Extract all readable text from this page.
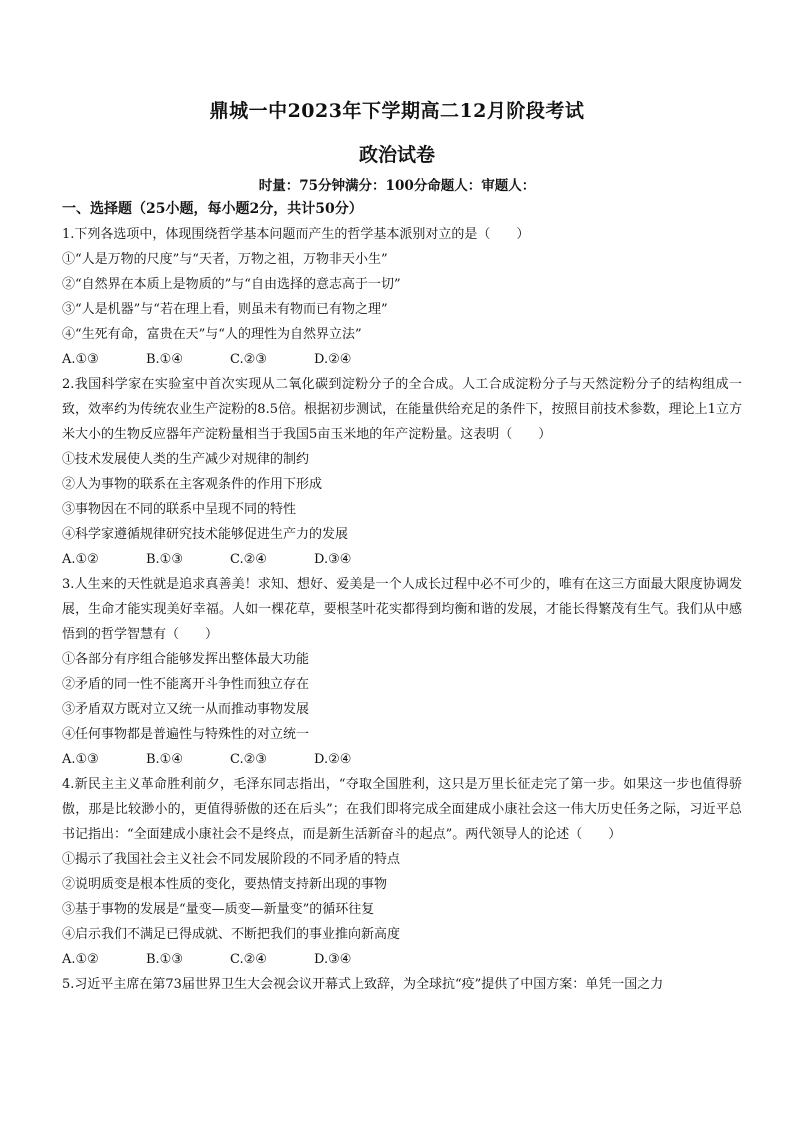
鼎城一中2023年下学期高二12月阶段考试
政治试卷
时量：75分钟满分：100分命题人：审题人：
一、选择题（25小题，每小题2分，共计50分）
1.下列各选项中，体现围绕哲学基本问题而产生的哲学基本派别对立的是（　　）
①“人是万物的尺度”与“天者，万物之祖，万物非天小生”
②“自然界在本质上是物质的”与“自由选择的意志高于一切”
③“人是机器”与“若在理上看，则虽未有物而已有物之理”
④“生死有命，富贵在天”与“人的理性为自然界立法”
A.①③	B.①④	C.②③	D.②④
2.我国科学家在实验室中首次实现从二氧化碳到淀粉分子的全合成。人工合成淀粉分子与天然淀粉分子的结构组成一致，效率约为传统农业生产淀粉的8.5倍。根据初步测试，在能量供给充足的条件下，按照目前技术参数，理论上1立方米大小的生物反应器年产淀粉量相当于我国5亩玉米地的年产淀粉量。这表明（　　）
①技术发展使人类的生产减少对规律的制约
②人为事物的联系在主客观条件的作用下形成
③事物因在不同的联系中呈现不同的特性
④科学家遵循规律研究技术能够促进生产力的发展
A.①②	B.①③	C.②④	D.③④
3.人生来的天性就是追求真善美！求知、想好、爱美是一个人成长过程中必不可少的，唯有在这三方面最大限度协调发展，生命才能实现美好幸福。人如一棵花草，要根茎叶花实都得到均衡和谐的发展，才能长得繁茂有生气。我们从中感悟到的哲学智慧有（　　）
①各部分有序组合能够发挥出整体最大功能
②矛盾的同一性不能离开斗争性而独立存在
③矛盾双方既对立又统一从而推动事物发展
④任何事物都是普遍性与特殊性的对立统一
A.①③	B.①④	C.②③	D.②④
4.新民主主义革命胜利前夕，毛泽东同志指出，“夺取全国胜利，这只是万里长征走完了第一步。如果这一步也值得骄傲，那是比较渺小的，更值得骄傲的还在后头”；在我们即将完成全面建成小康社会这一伟大历史任务之际，习近平总书记指出：“全面建成小康社会不是终点，而是新生活新奋斗的起点”。两代领导人的论述（　　）
①揭示了我国社会主义社会不同发展阶段的不同矛盾的特点
②说明质变是根本性质的变化，要热情支持新出现的事物
③基于事物的发展是“量变—质变—新量变”的循环往复
④启示我们不满足已得成就、不断把我们的事业推向新高度
A.①②	B.①③	C.②④	D.③④
5.习近平主席在第73届世界卫生大会视会议开幕式上致辞，为全球抗“疫”提供了中国方案：单凭一国之力
